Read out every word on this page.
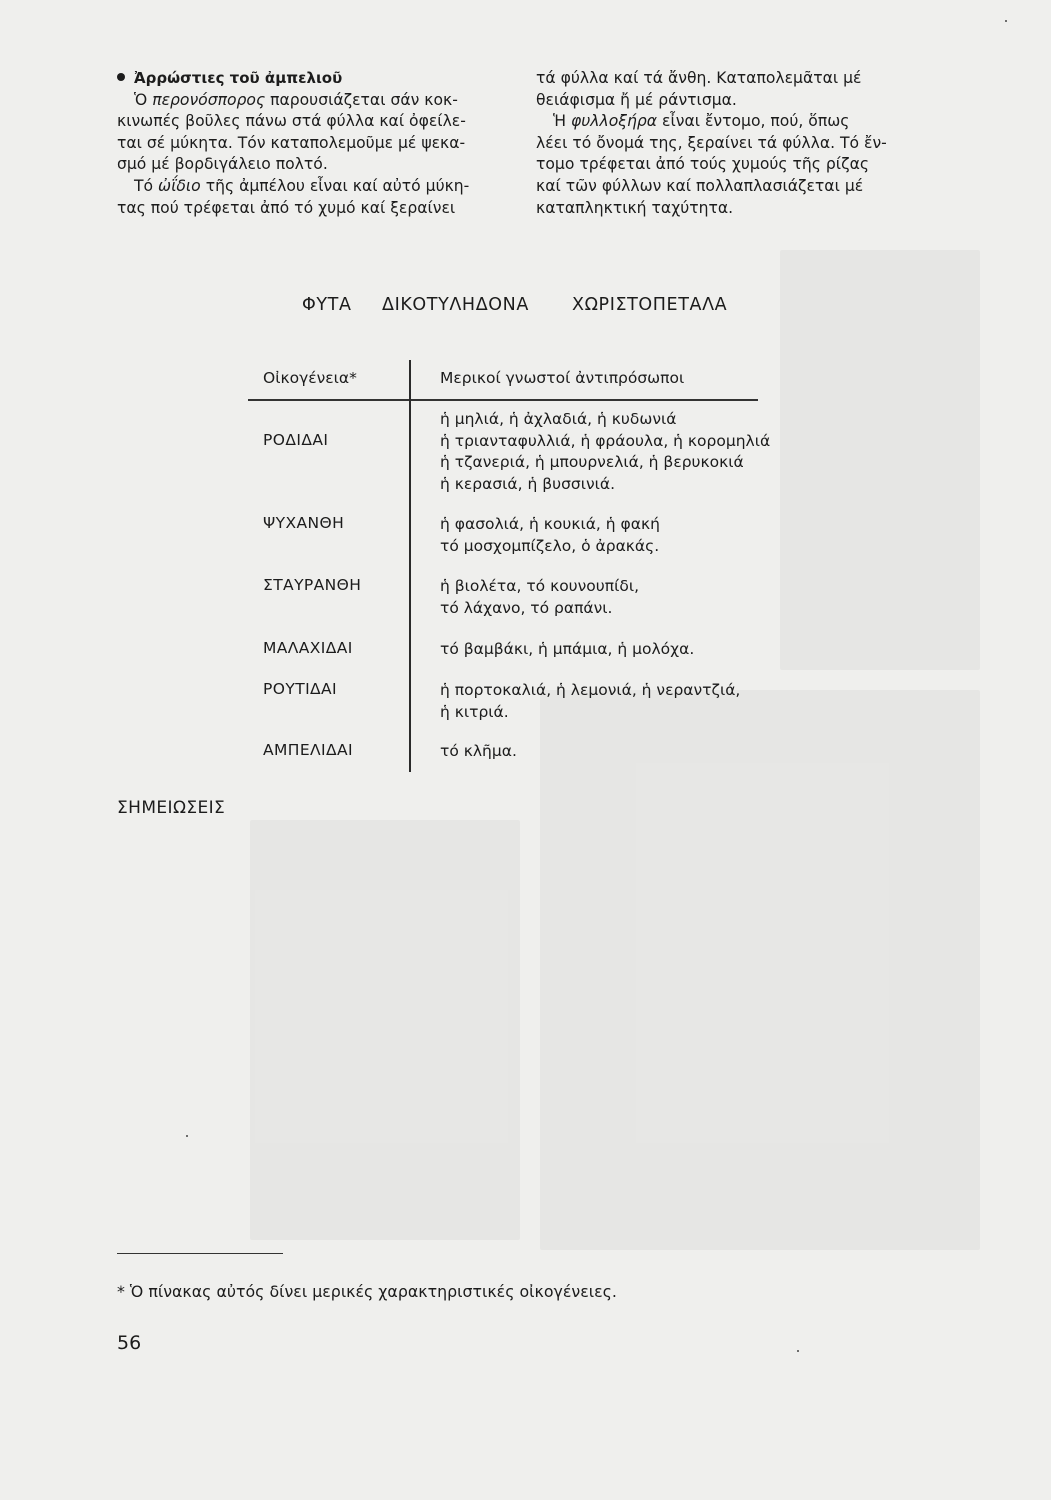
Ἀρρώστιες τοῦ ἀμπελιοῦ

Ὁ περονόσπορος παρουσιάζεται σάν κοκ-

κινωπές βοῦλες πάνω στά φύλλα καί ὀφείλε-

ται σέ μύκητα. Τόν καταπολεμοῦμε μέ ψεκα-

σμό μέ βορδιγάλειο πολτό.

Τό ὠΐδιο τῆς ἀμπέλου εἶναι καί αὐτό μύκη-

τας πού τρέφεται ἀπό τό χυμό καί ξεραίνει

τά φύλλα καί τά ἄνθη. Καταπολεμᾶται μέ

θειάφισμα ἤ μέ ράντισμα.

Ἡ φυλλοξήρα εἶναι ἔντομο, πού, ὅπως

λέει τό ὄνομά της, ξεραίνει τά φύλλα. Τό ἔν-

τομο τρέφεται ἀπό τούς χυμούς τῆς ρίζας

καί τῶν φύλλων καί πολλαπλασιάζεται μέ

καταπληκτική ταχύτητα.

ΦΥΤΑ ΔΙΚΟΤΥΛΗΔΟΝΑ ΧΩΡΙΣΤΟΠΕΤΑΛΑ
Οἰκογένεια*	Μερικοί γνωστοί ἀντιπρόσωποι
ΡΟΔΙΔΑΙ
ἡ μηλιά, ἡ ἀχλαδιά, ἡ κυδωνιά
ἡ τριανταφυλλιά, ἡ φράουλα, ἡ κορομηλιά
ἡ τζανεριά, ἡ μπουρνελιά, ἡ βερυκοκιά
ἡ κερασιά, ἡ βυσσινιά.
ΨΥΧΑΝΘΗ	ἡ φασολιά, ἡ κουκιά, ἡ φακή
τό μοσχομπίζελο, ὁ ἀρακάς.
ΣΤΑΥΡΑΝΘΗ	ἡ βιολέτα, τό κουνουπίδι,
τό λάχανο, τό ραπάνι.
ΜΑΛΑΧΙΔΑΙ	τό βαμβάκι, ἡ μπάμια, ἡ μολόχα.
ΡΟΥΤΙΔΑΙ	ἡ πορτοκαλιά, ἡ λεμονιά, ἡ νεραντζιά,
ἡ κιτριά.
ΑΜΠΕΛΙΔΑΙ	τό κλῆμα.
ΣΗΜΕΙΩΣΕΙΣ
* Ὁ πίνακας αὐτός δίνει μερικές χαρακτηριστικές οἰκογένειες.
56
